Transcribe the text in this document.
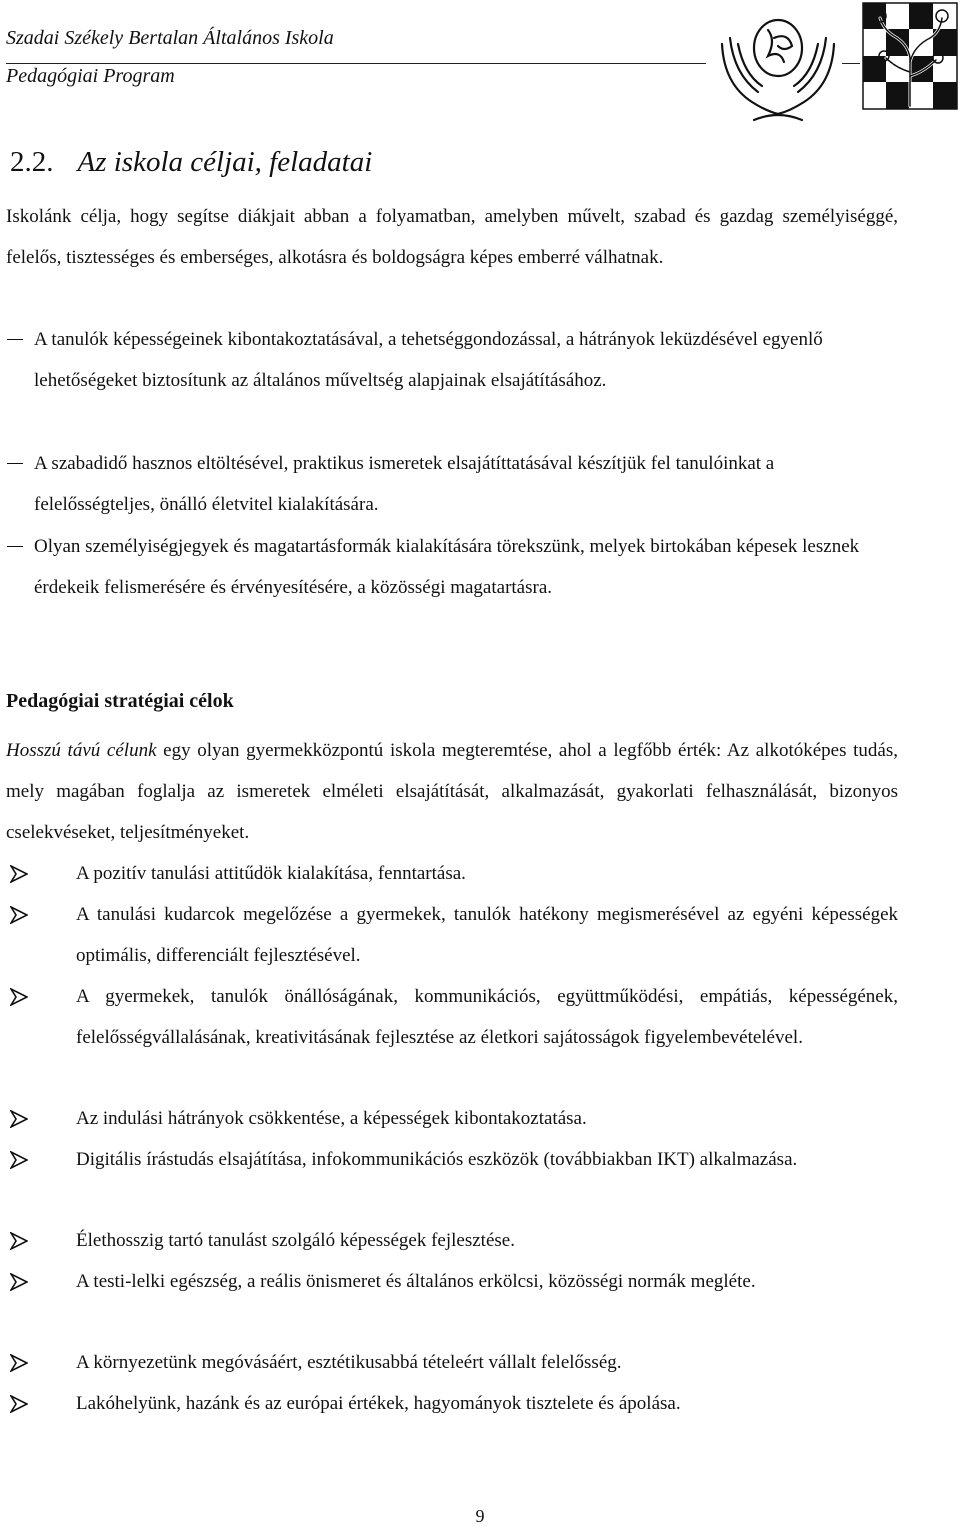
Szadai Székely Bertalan Általános Iskola
Pedagógiai Program
2.2. Az iskola céljai, feladatai

Iskolánk célja, hogy segítse diákjait abban a folyamatban, amelyben művelt, szabad és gazdag személyiséggé, felelős, tisztességes és emberséges, alkotásra és boldogságra képes emberré válhatnak.

A tanulók képességeinek kibontakoztatásával, a tehetséggondozással, a hátrányok leküzdésével egyenlő lehetőségeket biztosítunk az általános műveltség alapjainak elsajátításához.
A szabadidő hasznos eltöltésével, praktikus ismeretek elsajátíttatásával készítjük fel tanulóinkat a felelősségteljes, önálló életvitel kialakítására.
Olyan személyiségjegyek és magatartásformák kialakítására törekszünk, melyek birtokában képesek lesznek érdekeik felismerésére és érvényesítésére, a közösségi magatartásra.
Pedagógiai stratégiai célok

Hosszú távú célunk egy olyan gyermekközpontú iskola megteremtése, ahol a legfőbb érték: Az alkotóképes tudás, mely magában foglalja az ismeretek elméleti elsajátítását, alkalmazását, gyakorlati felhasználását, bizonyos cselekvéseket, teljesítményeket.

A pozitív tanulási attitűdök kialakítása, fenntartása.
A tanulási kudarcok megelőzése a gyermekek, tanulók hatékony megismerésével az egyéni képességek optimális, differenciált fejlesztésével.
A gyermekek, tanulók önállóságának, kommunikációs, együttműködési, empátiás, képességének, felelősségvállalásának, kreativitásának fejlesztése az életkori sajátosságok figyelembevételével.
Az indulási hátrányok csökkentése, a képességek kibontakoztatása.
Digitális írástudás elsajátítása, infokommunikációs eszközök (továbbiakban IKT) alkalmazása.
Élethosszig tartó tanulást szolgáló képességek fejlesztése.
A testi-lelki egészség, a reális önismeret és általános erkölcsi, közösségi normák megléte.
A környezetünk megóvásáért, esztétikusabbá tételeért vállalt felelősség.
Lakóhelyünk, hazánk és az európai értékek, hagyományok tisztelete és ápolása.
9
